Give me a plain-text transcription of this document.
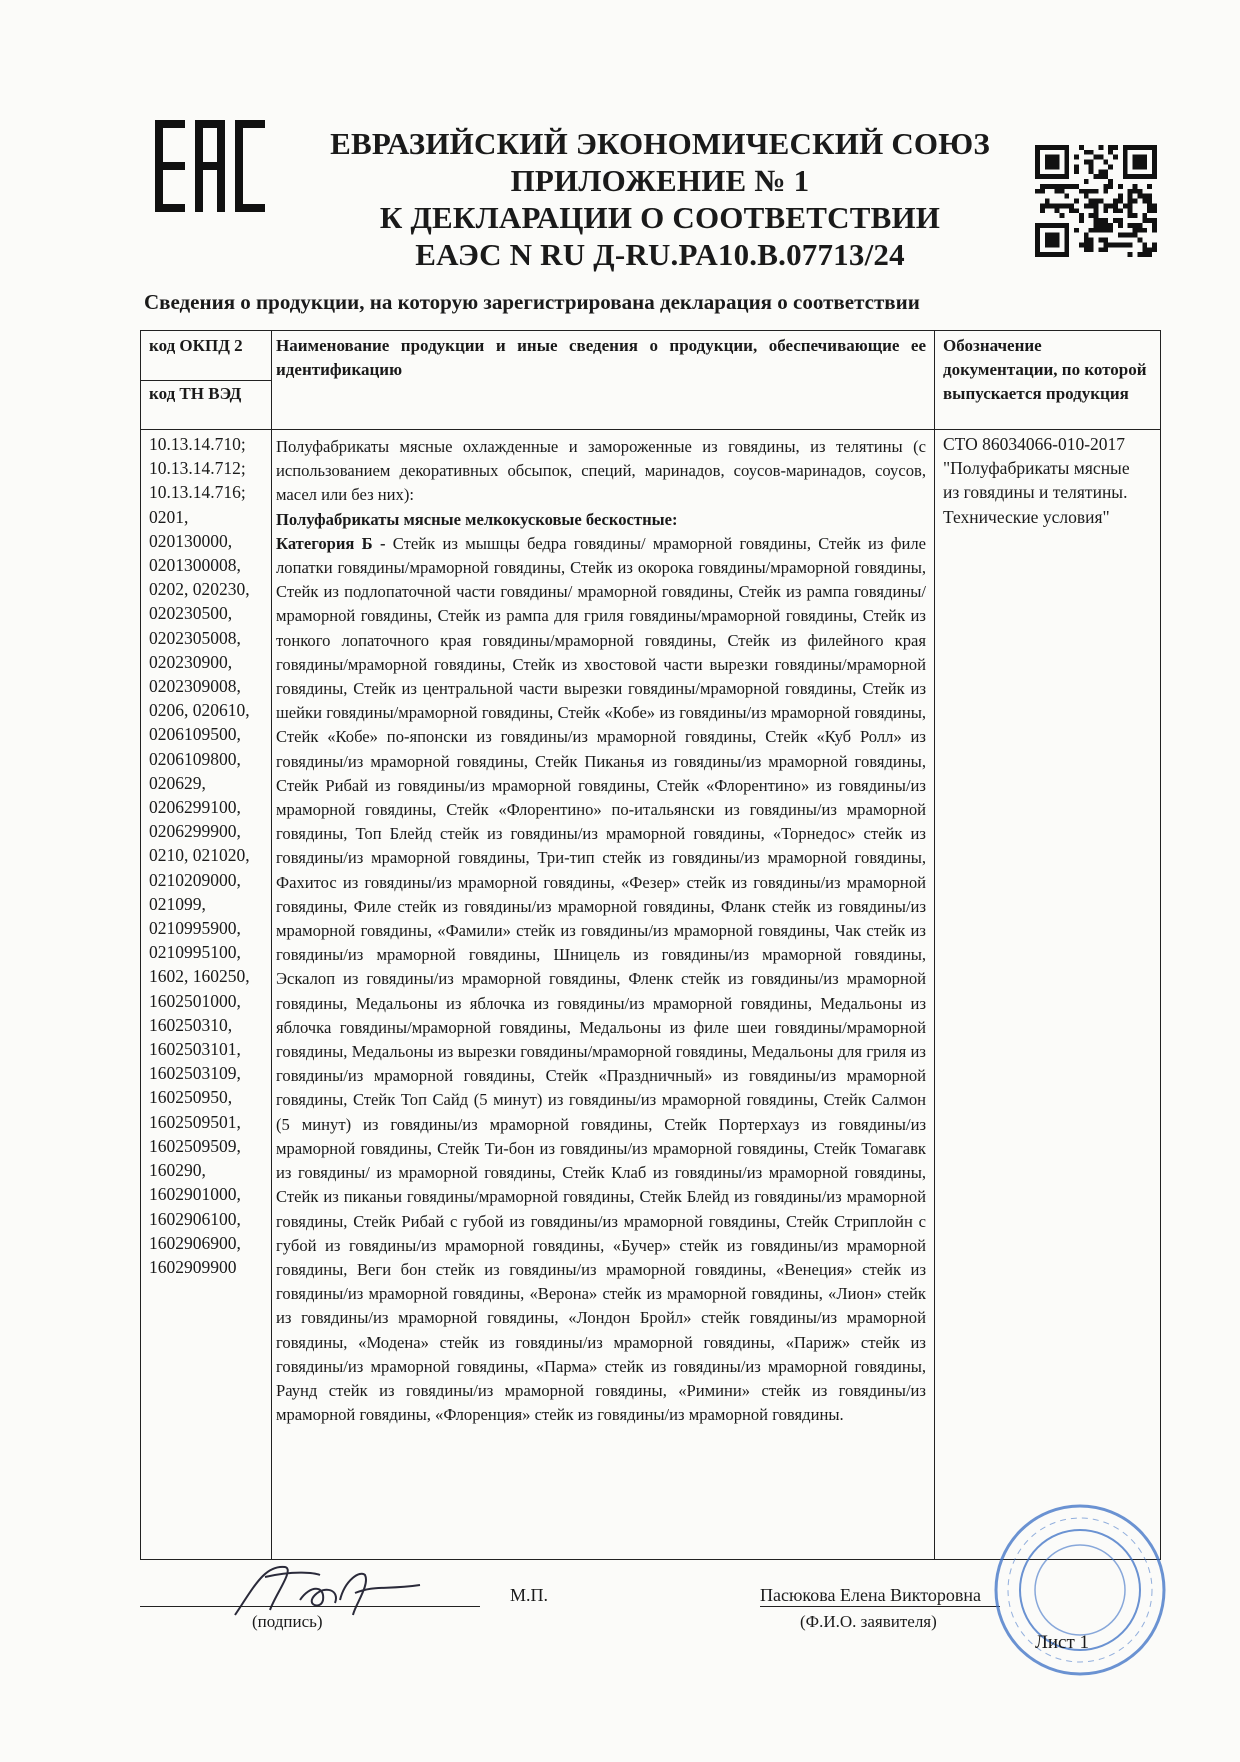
ЕВРАЗИЙСКИЙ ЭКОНОМИЧЕСКИЙ СОЮЗ
ПРИЛОЖЕНИЕ № 1
К ДЕКЛАРАЦИИ О СООТВЕТСТВИИ
ЕАЭС N RU Д-RU.PA10.B.07713/24
Сведения о продукции, на которую зарегистрирована декларация о соответствии
код ОКПД 2
код ТН ВЭД
Наименование продукции и иные сведения о продукции, обеспечивающие ее идентификацию
Обозначение документации, по которой выпускается продукция
10.13.14.710;
10.13.14.712;
10.13.14.716;
0201,
020130000,
0201300008,
0202, 020230,
020230500,
0202305008,
020230900,
0202309008,
0206, 020610,
0206109500,
0206109800,
020629,
0206299100,
0206299900,
0210, 021020,
0210209000,
021099,
0210995900,
0210995100,
1602, 160250,
1602501000,
160250310,
1602503101,
1602503109,
160250950,
1602509501,
1602509509,
160290,
1602901000,
1602906100,
1602906900,
1602909900
Полуфабрикаты мясные охлажденные и замороженные из говядины, из телятины (с использованием декоративных обсыпок, специй, маринадов, соусов-маринадов, соусов, масел или без них):
Полуфабрикаты мясные мелкокусковые бескостные:
Категория Б - Стейк из мышцы бедра говядины/ мраморной говядины, Стейк из филе лопатки говядины/мраморной говядины, Стейк из окорока говядины/мраморной говядины, Стейк из подлопаточной части говядины/ мраморной говядины, Стейк из рампа говядины/мраморной говядины, Стейк из рампа для гриля говядины/мраморной говядины, Стейк из тонкого лопаточного края говядины/мраморной говядины, Стейк из филейного края говядины/мраморной говядины, Стейк из хвостовой части вырезки говядины/мраморной говядины, Стейк из центральной части вырезки говядины/мраморной говядины, Стейк из шейки говядины/мраморной говядины, Стейк «Кобе» из говядины/из мраморной говядины, Стейк «Кобе» по-японски из говядины/из мраморной говядины, Стейк «Куб Ролл» из говядины/из мраморной говядины, Стейк Пиканья из говядины/из мраморной говядины, Стейк Рибай из говядины/из мраморной говядины, Стейк «Флорентино» из говядины/из мраморной говядины, Стейк «Флорентино» по-итальянски из говядины/из мраморной говядины, Топ Блейд стейк из говядины/из мраморной говядины, «Торнедос» стейк из говядины/из мраморной говядины, Три-тип стейк из говядины/из мраморной говядины, Фахитос из говядины/из мраморной говядины, «Фезер» стейк из говядины/из мраморной говядины, Филе стейк из говядины/из мраморной говядины, Фланк стейк из говядины/из мраморной говядины, «Фамили» стейк из говядины/из мраморной говядины, Чак стейк из говядины/из мраморной говядины, Шницель из говядины/из мраморной говядины, Эскалоп из говядины/из мраморной говядины, Фленк стейк из говядины/из мраморной говядины, Медальоны из яблочка из говядины/из мраморной говядины, Медальоны из яблочка говядины/мраморной говядины, Медальоны из филе шеи говядины/мраморной говядины, Медальоны из вырезки говядины/мраморной говядины, Медальоны для гриля из говядины/из мраморной говядины, Стейк «Праздничный» из говядины/из мраморной говядины, Стейк Топ Сайд (5 минут) из говядины/из мраморной говядины, Стейк Салмон (5 минут) из говядины/из мраморной говядины, Стейк Портерхауз из говядины/из мраморной говядины, Стейк Ти-бон из говядины/из мраморной говядины, Стейк Томагавк из говядины/ из мраморной говядины, Стейк Клаб из говядины/из мраморной говядины, Стейк из пиканьи говядины/мраморной говядины, Стейк Блейд из говядины/из мраморной говядины, Стейк Рибай с губой из говядины/из мраморной говядины, Стейк Стриплойн с губой из говядины/из мраморной говядины, «Бучер» стейк из говядины/из мраморной говядины, Веги бон стейк из говядины/из мраморной говядины, «Венеция» стейк из говядины/из мраморной говядины, «Верона» стейк из мраморной говядины, «Лион» стейк из говядины/из мраморной говядины, «Лондон Бройл» стейк говядины/из мраморной говядины, «Модена» стейк из говядины/из мраморной говядины, «Париж» стейк из говядины/из мраморной говядины, «Парма» стейк из говядины/из мраморной говядины, Раунд стейк из говядины/из мраморной говядины, «Римини» стейк из говядины/из мраморной говядины, «Флоренция» стейк из говядины/из мраморной говядины.
СТО 86034066-010-2017 "Полуфабрикаты мясные из говядины и телятины. Технические условия"
М.П.
(подпись)
Пасюкова Елена Викторовна
(Ф.И.О. заявителя)
Лист 1
